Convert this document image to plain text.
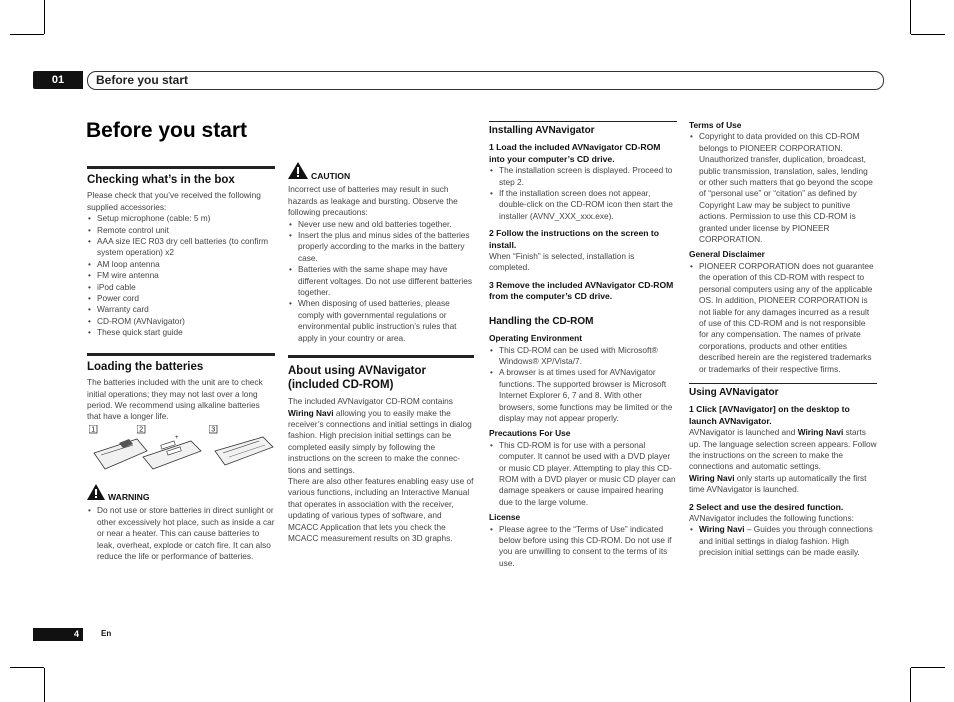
01	Before you start
Before you start
Checking what’s in the box

Please check that you’ve received the following supplied accessories:

• Setup microphone (cable: 5 m)
• Remote control unit
• AAA size IEC R03 dry cell batteries (to confirm system operation) x2
• AM loop antenna
• FM wire antenna
• iPod cable
• Power cord
• Warranty card
• CD-ROM (AVNavigator)
• These quick start guide
Loading the batteries

The batteries included with the unit are to check initial operations; they may not last over a long period. We recommend using alkaline batteries that have a longer life.

1	2
+
3
WARNING
• Do not use or store batteries in direct sunlight or other excessively hot place, such as inside a car or near a heater. This can cause batteries to leak, overheat, explode or catch fire. It can also reduce the life or performance of batteries.
CAUTION

Incorrect use of batteries may result in such hazards as leakage and bursting. Observe the following precautions:

• Never use new and old batteries together.
• Insert the plus and minus sides of the batteries properly according to the marks in the battery case.
• Batteries with the same shape may have different voltages. Do not use different batteries together.
• When disposing of used batteries, please comply with governmental regulations or environmental public instruction’s rules that apply in your country or area.
About using AVNavigator (included CD-ROM)

The included AVNavigator CD-ROM contains Wiring Navi allowing you to easily make the receiver’s connections and initial settings in dialog fashion. High precision initial settings can be completed easily simply by following the instructions on the screen to make the connec-tions and settings.

There are also other features enabling easy use of various functions, including an Interactive Manual that operates in association with the receiver, updating of various types of software, and MCACC Application that lets you check the MCACC measurement results on 3D graphs.

Installing AVNavigator
1 Load the included AVNavigator CD-ROM into your computer’s CD drive.
• The installation screen is displayed. Proceed to step 2.
• If the installation screen does not appear, double-click on the CD-ROM icon then start the installer (AVNV_XXX_xxx.exe).
2 Follow the instructions on the screen to install.

When “Finish” is selected, installation is completed.

3 Remove the included AVNavigator CD-ROM from the computer’s CD drive.
Handling the CD-ROM
Operating Environment
• This CD-ROM can be used with Microsoft® Windows® XP/Vista/7.
• A browser is at times used for AVNavigator functions. The supported browser is Microsoft Internet Explorer 6, 7 and 8. With other browsers, some functions may be limited or the display may not appear properly.
Precautions For Use
• This CD-ROM is for use with a personal computer. It cannot be used with a DVD player or music CD player. Attempting to play this CD-ROM with a DVD player or music CD player can damage speakers or cause impaired hearing due to the large volume.
License
• Please agree to the “Terms of Use” indicated below before using this CD-ROM. Do not use if you are unwilling to consent to the terms of its use.
Terms of Use
• Copyright to data provided on this CD-ROM belongs to PIONEER CORPORATION. Unauthorized transfer, duplication, broadcast, public transmission, translation, sales, lending or other such matters that go beyond the scope of “personal use” or “citation” as defined by Copyright Law may be subject to punitive actions. Permission to use this CD-ROM is granted under license by PIONEER CORPORATION.
General Disclaimer
• PIONEER CORPORATION does not guarantee the operation of this CD-ROM with respect to personal computers using any of the applicable OS. In addition, PIONEER CORPORATION is not liable for any damages incurred as a result of use of this CD-ROM and is not responsible for any compensation. The names of private corporations, products and other entities described herein are the registered trademarks or trademarks of their respective firms.
Using AVNavigator
1 Click [AVNavigator] on the desktop to launch AVNavigator.

AVNavigator is launched and Wiring Navi starts up. The language selection screen appears. Follow the instructions on the screen to make the connections and automatic settings.

Wiring Navi only starts up automatically the first time AVNavigator is launched.

2 Select and use the desired function.

AVNavigator includes the following functions:

• Wiring Navi – Guides you through connections and initial settings in dialog fashion. High precision initial settings can be made easily.
4	En
